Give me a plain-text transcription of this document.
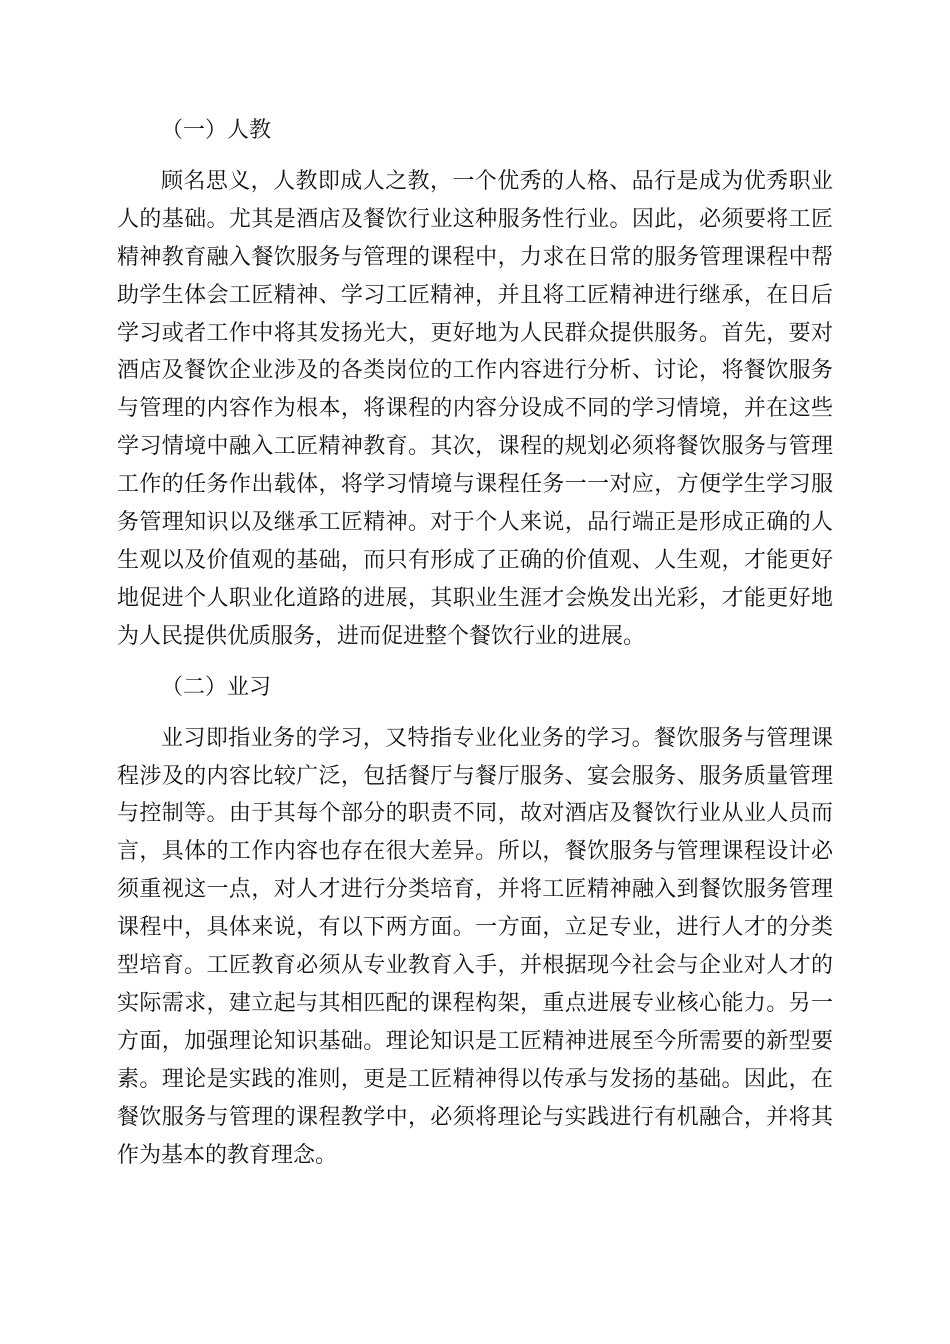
（一）人教

顾名思义，人教即成人之教，一个优秀的人格、品行是成为优秀职业人的基础。尤其是酒店及餐饮行业这种服务性行业。因此，必须要将工匠精神教育融入餐饮服务与管理的课程中，力求在日常的服务管理课程中帮助学生体会工匠精神、学习工匠精神，并且将工匠精神进行继承，在日后学习或者工作中将其发扬光大，更好地为人民群众提供服务。首先，要对酒店及餐饮企业涉及的各类岗位的工作内容进行分析、讨论，将餐饮服务与管理的内容作为根本，将课程的内容分设成不同的学习情境，并在这些学习情境中融入工匠精神教育。其次，课程的规划必须将餐饮服务与管理工作的任务作出载体，将学习情境与课程任务一一对应，方便学生学习服务管理知识以及继承工匠精神。对于个人来说，品行端正是形成正确的人生观以及价值观的基础，而只有形成了正确的价值观、人生观，才能更好地促进个人职业化道路的进展，其职业生涯才会焕发出光彩，才能更好地为人民提供优质服务，进而促进整个餐饮行业的进展。

（二）业习

业习即指业务的学习，又特指专业化业务的学习。餐饮服务与管理课程涉及的内容比较广泛，包括餐厅与餐厅服务、宴会服务、服务质量管理与控制等。由于其每个部分的职责不同，故对酒店及餐饮行业从业人员而言，具体的工作内容也存在很大差异。所以，餐饮服务与管理课程设计必须重视这一点，对人才进行分类培育，并将工匠精神融入到餐饮服务管理课程中，具体来说，有以下两方面。一方面，立足专业，进行人才的分类型培育。工匠教育必须从专业教育入手，并根据现今社会与企业对人才的实际需求，建立起与其相匹配的课程构架，重点进展专业核心能力。另一方面，加强理论知识基础。理论知识是工匠精神进展至今所需要的新型要素。理论是实践的准则，更是工匠精神得以传承与发扬的基础。因此，在餐饮服务与管理的课程教学中，必须将理论与实践进行有机融合，并将其作为基本的教育理念。
